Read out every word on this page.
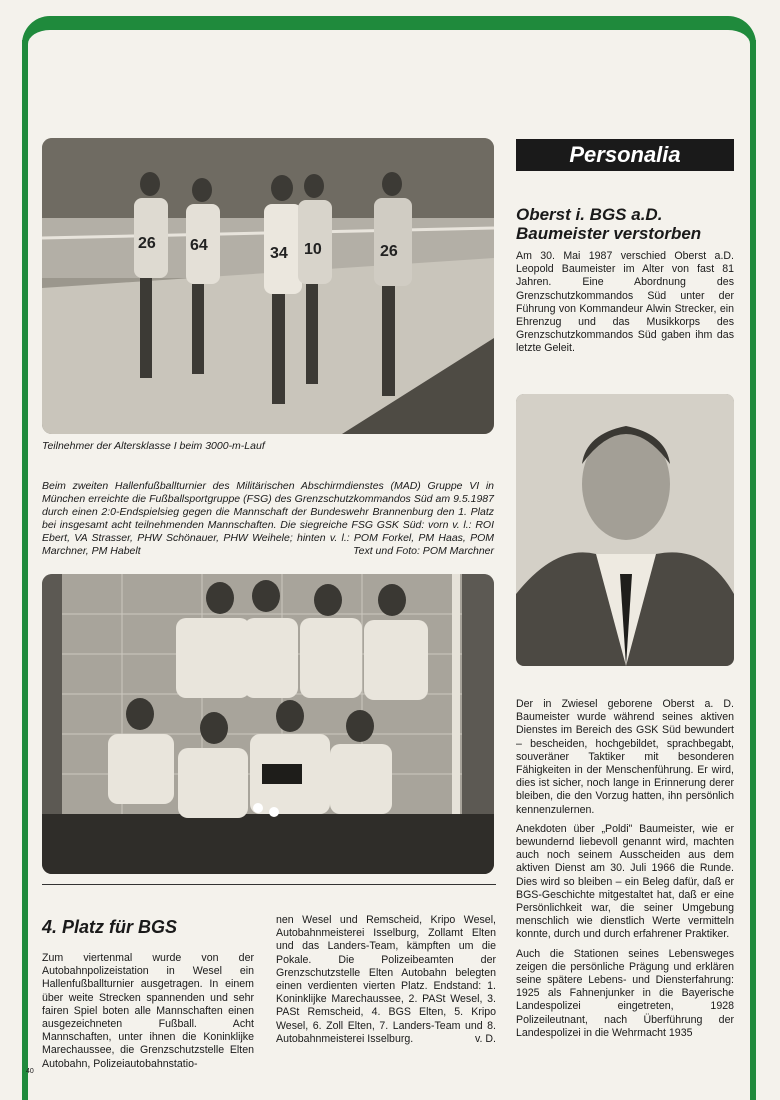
26 64	34 10	26
Teilnehmer der Altersklasse I beim 3000-m-Lauf
Beim zweiten Hallenfußballturnier des Militärischen Abschirmdienstes (MAD) Gruppe VI in München erreichte die Fußballsportgruppe (FSG) des Grenzschutzkommandos Süd am 9.5.1987 durch einen 2:0-Endspielsieg gegen die Mannschaft der Bundeswehr Brannenburg den 1. Platz bei insgesamt acht teilnehmenden Mannschaften. Die siegreiche FSG GSK Süd: vorn v. l.: ROI Ebert, VA Strasser, PHW Schönauer, PHW Weihele; hinten v. l.: POM Forkel, PM Haas, POM Marchner, PM Habelt	Text und Foto: POM Marchner
4. Platz für BGS
Zum viertenmal wurde von der Autobahnpolizeistation in Wesel ein Hallenfußballturnier ausgetragen. In einem über weite Strecken spannenden und sehr fairen Spiel boten alle Mannschaften einen ausgezeichneten Fußball. Acht Mannschaften, unter ihnen die Koninklijke Marechaussee, die Grenzschutzstelle Elten Autobahn, Polizeiautobahnstatio-
nen Wesel und Remscheid, Kripo Wesel, Autobahnmeisterei Isselburg, Zollamt Elten und das Landers-Team, kämpften um die Pokale. Die Polizeibeamten der Grenzschutzstelle Elten Autobahn belegten einen verdienten vierten Platz. Endstand: 1. Koninklijke Marechaussee, 2. PASt Wesel, 3. PASt Remscheid, 4. BGS Elten, 5. Kripo Wesel, 6. Zoll Elten, 7. Landers-Team und 8. Autobahnmeisterei Isselburg.	v. D.
40
Personalia
Oberst i. BGS a.D. Baumeister verstorben
Am 30. Mai 1987 verschied Oberst a.D. Leopold Baumeister im Alter von fast 81 Jahren. Eine Abordnung des Grenzschutzkommandos Süd unter der Führung von Kommandeur Alwin Strecker, ein Ehrenzug und das Musikkorps des Grenzschutzkommandos Süd gaben ihm das letzte Geleit.

Der in Zwiesel geborene Oberst a. D. Baumeister wurde während seines aktiven Dienstes im Bereich des GSK Süd bewundert – bescheiden, hochgebildet, sprachbegabt, souveräner Taktiker mit besonderen Fähigkeiten in der Menschenführung. Er wird, dies ist sicher, noch lange in Erinnerung derer bleiben, die den Vorzug hatten, ihn persönlich kennenzulernen.

Anekdoten über „Poldi" Baumeister, wie er bewundernd liebevoll genannt wird, machten auch noch seinem Ausscheiden aus dem aktiven Dienst am 30. Juli 1966 die Runde. Dies wird so bleiben – ein Beleg dafür, daß er BGS-Geschichte mitgestaltet hat, daß er eine Persönlichkeit war, die seiner Umgebung menschlich wie dienstlich Werte vermitteln konnte, durch und durch erfahrener Praktiker.

Auch die Stationen seines Lebensweges zeigen die persönliche Prägung und erklären seine spätere Lebens- und Diensterfahrung: 1925 als Fahnenjunker in die Bayerische Landespolizei eingetreten, 1928 Polizeileutnant, nach Überführung der Landespolizei in die Wehrmacht 1935
